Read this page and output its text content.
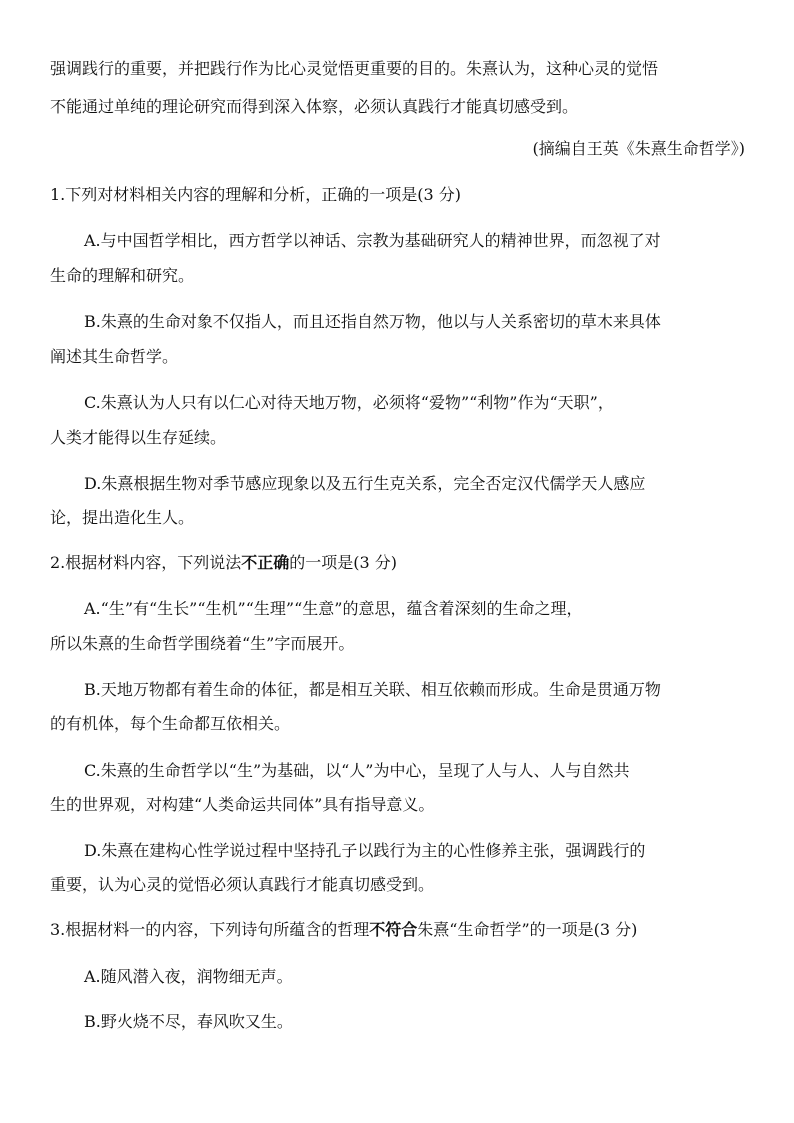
强调践行的重要，并把践行作为比心灵觉悟更重要的目的。朱熹认为，这种心灵的觉悟
不能通过单纯的理论研究而得到深入体察，必须认真践行才能真切感受到。
(摘编自王英《朱熹生命哲学》)
1.下列对材料相关内容的理解和分析，正确的一项是(3 分)
A.与中国哲学相比，西方哲学以神话、宗教为基础研究人的精神世界，而忽视了对
生命的理解和研究。
B.朱熹的生命对象不仅指人，而且还指自然万物，他以与人关系密切的草木来具体
阐述其生命哲学。
C.朱熹认为人只有以仁心对待天地万物，必须将“爱物”“利物”作为“天职”，
人类才能得以生存延续。
D.朱熹根据生物对季节感应现象以及五行生克关系，完全否定汉代儒学天人感应
论，提出造化生人。
2.根据材料内容，下列说法不正确的一项是(3 分)
A.“生”有“生长”“生机”“生理”“生意”的意思，蕴含着深刻的生命之理，
所以朱熹的生命哲学围绕着“生”字而展开。
B.天地万物都有着生命的体征，都是相互关联、相互依赖而形成。生命是贯通万物
的有机体，每个生命都互依相关。
C.朱熹的生命哲学以“生”为基础，以“人”为中心，呈现了人与人、人与自然共
生的世界观，对构建“人类命运共同体”具有指导意义。
D.朱熹在建构心性学说过程中坚持孔子以践行为主的心性修养主张，强调践行的
重要，认为心灵的觉悟必须认真践行才能真切感受到。
3.根据材料一的内容，下列诗句所蕴含的哲理不符合朱熹“生命哲学”的一项是(3 分)
A.随风潜入夜，润物细无声。
B.野火烧不尽，春风吹又生。
